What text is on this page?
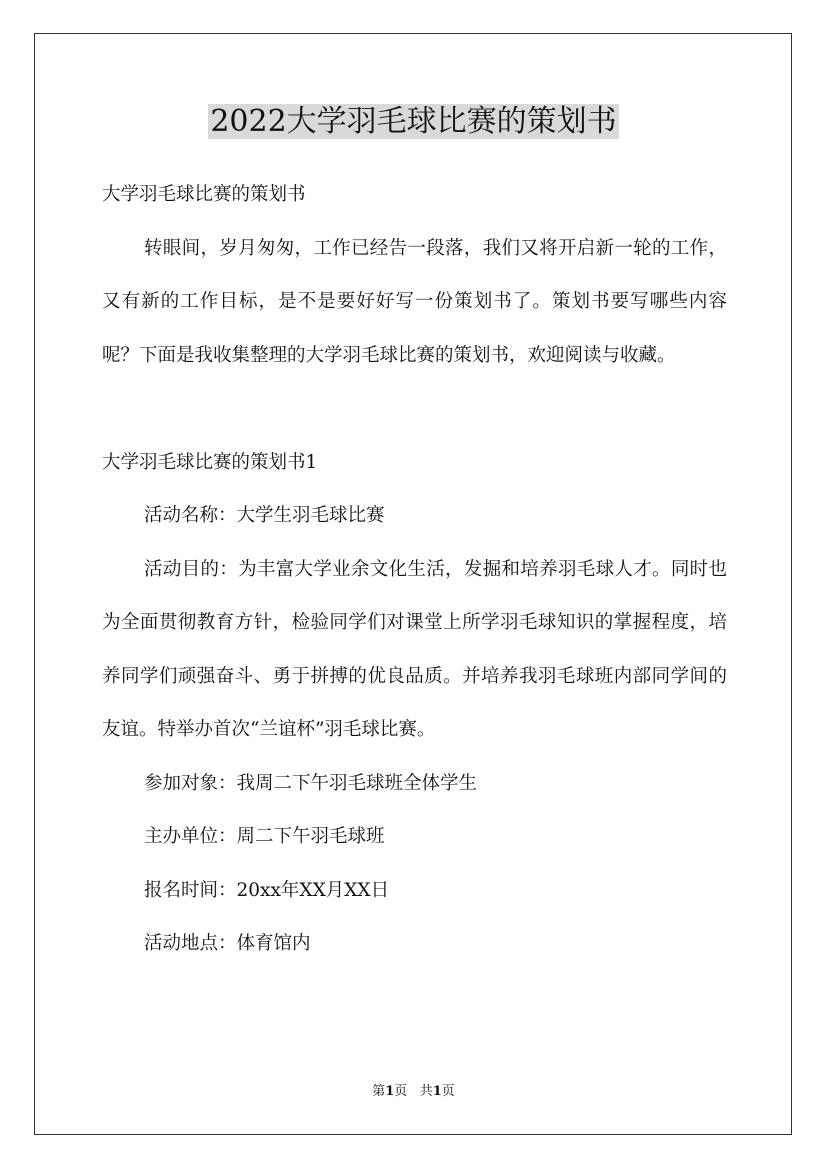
2022大学羽毛球比赛的策划书

大学羽毛球比赛的策划书

转眼间，岁月匆匆，工作已经告一段落，我们又将开启新一轮的工作，又有新的工作目标，是不是要好好写一份策划书了。策划书要写哪些内容呢？下面是我收集整理的大学羽毛球比赛的策划书，欢迎阅读与收藏。

大学羽毛球比赛的策划书1

活动名称：大学生羽毛球比赛

活动目的：为丰富大学业余文化生活，发掘和培养羽毛球人才。同时也为全面贯彻教育方针，检验同学们对课堂上所学羽毛球知识的掌握程度，培养同学们顽强奋斗、勇于拼搏的优良品质。并培养我羽毛球班内部同学间的友谊。特举办首次“兰谊杯”羽毛球比赛。

参加对象：我周二下午羽毛球班全体学生

主办单位：周二下午羽毛球班

报名时间：20xx年XX月XX日

活动地点：体育馆内

第1页 共1页
